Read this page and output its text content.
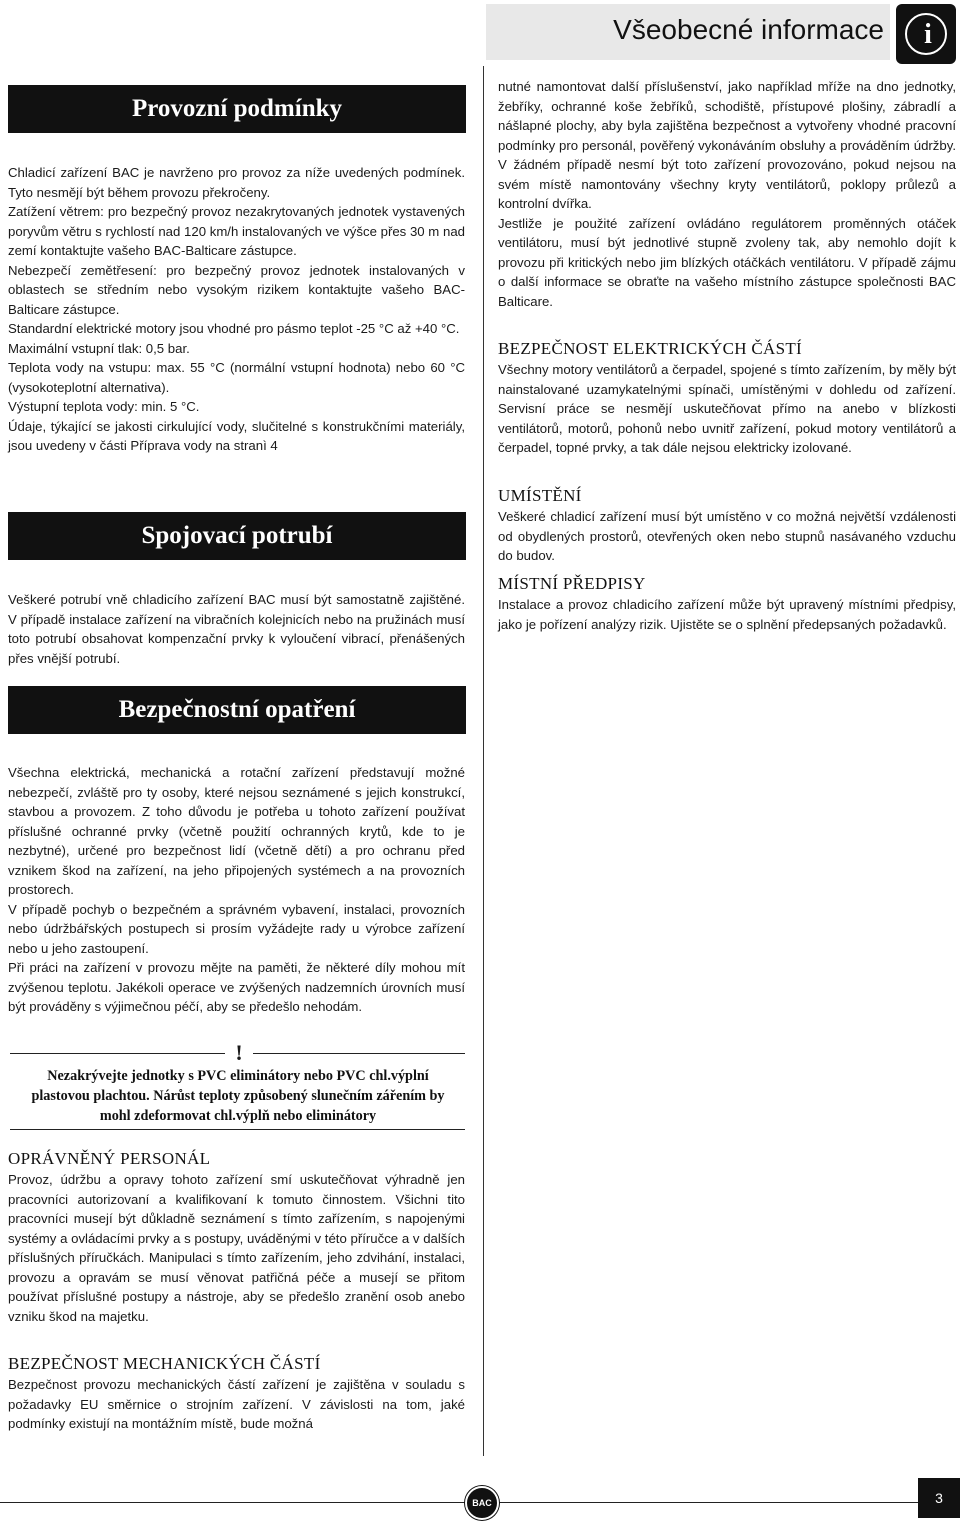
Všeobecné informace	i
Provozní podmínky

Chladicí zařízení BAC je navrženo pro provoz za níže uvedených podmínek. Tyto nesmějí být během provozu překročeny.

Zatížení větrem: pro bezpečný provoz nezakrytovaných jednotek vystavených poryvům větru s rychlostí nad 120 km/h instalovaných ve výšce přes 30 m nad zemí kontaktujte vašeho BAC-Balticare zástupce.

Nebezpečí zemětřesení: pro bezpečný provoz jednotek instalovaných v oblastech se středním nebo vysokým rizikem kontaktujte vašeho BAC-Balticare zástupce.

Standardní elektrické motory jsou vhodné pro pásmo teplot -25 °C až +40 °C.

Maximální vstupní tlak: 0,5 bar.

Teplota vody na vstupu: max. 55 °C (normální vstupní hodnota) nebo 60 °C (vysokoteplotní alternativa).

Výstupní teplota vody: min. 5 °C.

Údaje, týkající se jakosti cirkulující vody, slučitelné s konstrukčními materiály, jsou uvedeny v části Příprava vody na stranì 4

Spojovací potrubí

Veškeré potrubí vně chladicího zařízení BAC musí být samostatně zajištěné. V případě instalace zařízení na vibračních kolejnicích nebo na pružinách musí toto potrubí obsahovat kompenzační prvky k vyloučení vibrací, přenášených přes vnější potrubí.

Bezpečnostní opatření

Všechna elektrická, mechanická a rotační zařízení představují možné nebezpečí, zvláště pro ty osoby, které nejsou seznámené s jejich konstrukcí, stavbou a provozem. Z toho důvodu je potřeba u tohoto zařízení používat příslušné ochranné prvky (včetně použití ochranných krytů, kde to je nezbytné), určené pro bezpečnost lidí (včetně dětí) a pro ochranu před vznikem škod na zařízení, na jeho připojených systémech a na provozních prostorech.

V případě pochyb o bezpečném a správném vybavení, instalaci, provozních nebo údržbářských postupech si prosím vyžádejte rady u výrobce zařízení nebo u jeho zastoupení.

Při práci na zařízení v provozu mějte na paměti, že některé díly mohou mít zvýšenou teplotu. Jakékoli operace ve zvýšených nadzemních úrovních musí být prováděny s výjimečnou péčí, aby se předešlo nehodám.

!
Nezakrývejte jednotky s PVC eliminátory nebo PVC chl.výplní plastovou plachtou. Nárůst teploty způsobený slunečním zářením by mohl zdeformovat chl.výplň nebo eliminátory

OPRÁVNĚNÝ PERSONÁL

Provoz, údržbu a opravy tohoto zařízení smí uskutečňovat výhradně jen pracovníci autorizovaní a kvalifikovaní k tomuto činnostem. Všichni tito pracovníci musejí být důkladně seznámení s tímto zařízením, s napojenými systémy a ovládacími prvky a s postupy, uváděnými v této příručce a v dalších příslušných příručkách. Manipulaci s tímto zařízením, jeho zdvihání, instalaci, provozu a opravám se musí věnovat patřičná péče a musejí se přitom používat příslušné postupy a nástroje, aby se předešlo zranění osob anebo vzniku škod na majetku.

BEZPEČNOST MECHANICKÝCH ČÁSTÍ

Bezpečnost provozu mechanických částí zařízení je zajištěna v souladu s požadavky EU směrnice o strojním zařízení. V závislosti na tom, jaké podmínky existují na montážním místě, bude možná

nutné namontovat další příslušenství, jako například mříže na dno jednotky, žebříky, ochranné koše žebříků, schodiště, přístupové plošiny, zábradlí a nášlapné plochy, aby byla zajištěna bezpečnost a vytvořeny vhodné pracovní podmínky pro personál, pověřený vykonáváním obsluhy a prováděním údržby. V žádném případě nesmí být toto zařízení provozováno, pokud nejsou na svém místě namontovány všechny kryty ventilátorů, poklopy průlezů a kontrolní dvířka.

Jestliže je použité zařízení ovládáno regulátorem proměnných otáček ventilátoru, musí být jednotlivé stupně zvoleny tak, aby nemohlo dojít k provozu při kritických nebo jim blízkých otáčkách ventilátoru. V případě zájmu o další informace se obraťte na vašeho místního zástupce společnosti BAC Balticare.

BEZPEČNOST ELEKTRICKÝCH ČÁSTÍ

Všechny motory ventilátorů a čerpadel, spojené s tímto zařízením, by měly být nainstalované uzamykatelnými spínači, umístěnými v dohledu od zařízení. Servisní práce se nesmějí uskutečňovat přímo na anebo v blízkosti ventilátorů, motorů, pohonů nebo uvnitř zařízení, pokud motory ventilátorů a čerpadel, topné prvky, a tak dále nejsou elektricky izolované.

UMÍSTĚNÍ

Veškeré chladicí zařízení musí být umístěno v co možná největší vzdálenosti od obydlených prostorů, otevřených oken nebo stupnů nasávaného vzduchu do budov.

MÍSTNÍ PŘEDPISY

Instalace a provoz chladicího zařízení může být upravený místními předpisy, jako je pořízení analýzy rizik. Ujistěte se o splnění předepsaných požadavků.

BAC	3
